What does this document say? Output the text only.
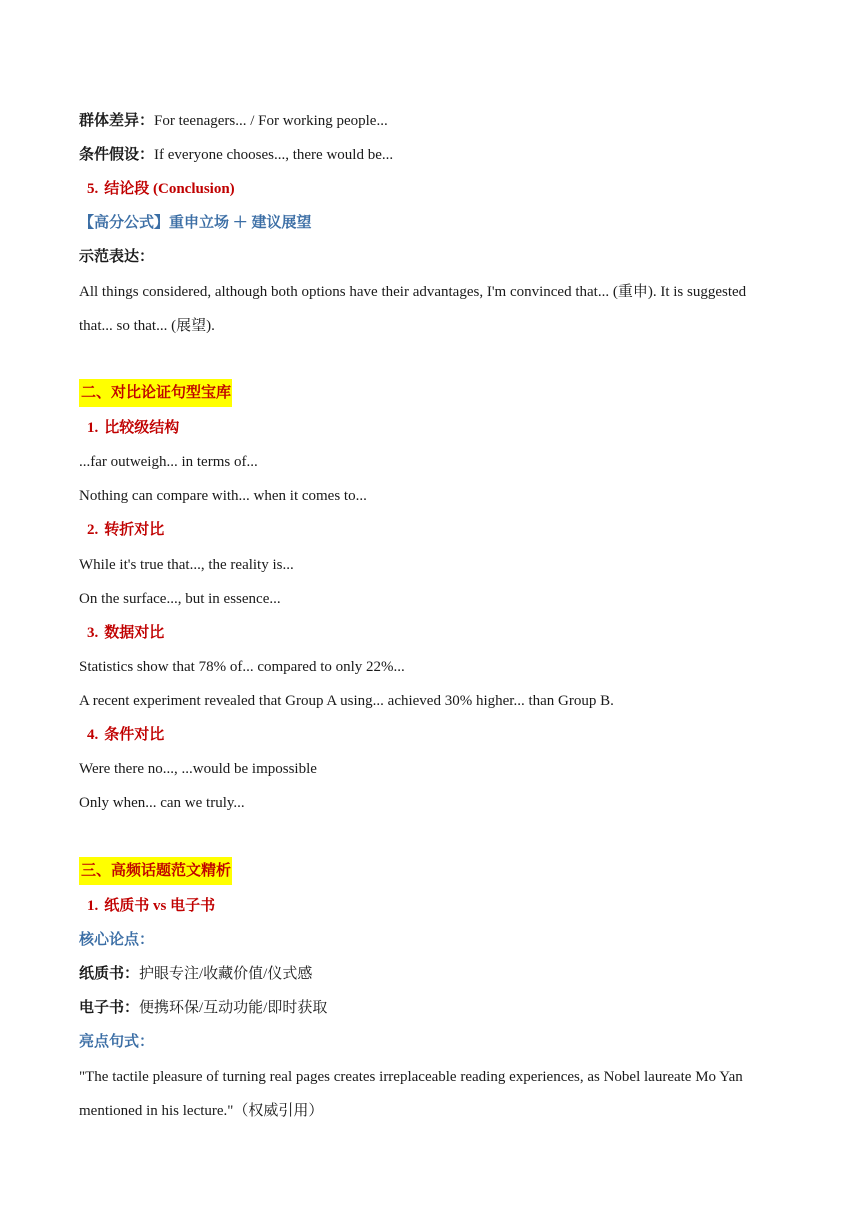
群体差异：For teenagers... / For working people...
条件假设：If everyone chooses..., there would be...
5. 结论段 (Conclusion)
【高分公式】重申立场 ＋ 建议展望
示范表达：
All things considered, although both options have their advantages, I'm convinced that... (重申). It is suggested
that... so that... (展望).
二、对比论证句型宝库
1. 比较级结构
...far outweigh... in terms of...
Nothing can compare with... when it comes to...
2. 转折对比
While it's true that..., the reality is...
On the surface..., but in essence...
3. 数据对比
Statistics show that 78% of... compared to only 22%...
A recent experiment revealed that Group A using... achieved 30% higher... than Group B.
4. 条件对比
Were there no..., ...would be impossible
Only when... can we truly...
三、高频话题范文精析
1. 纸质书 vs 电子书
核心论点：
纸质书：护眼专注/收藏价值/仪式感
电子书：便携环保/互动功能/即时获取
亮点句式：
"The tactile pleasure of turning real pages creates irreplaceable reading experiences, as Nobel laureate Mo Yan
mentioned in his lecture."（权威引用）
